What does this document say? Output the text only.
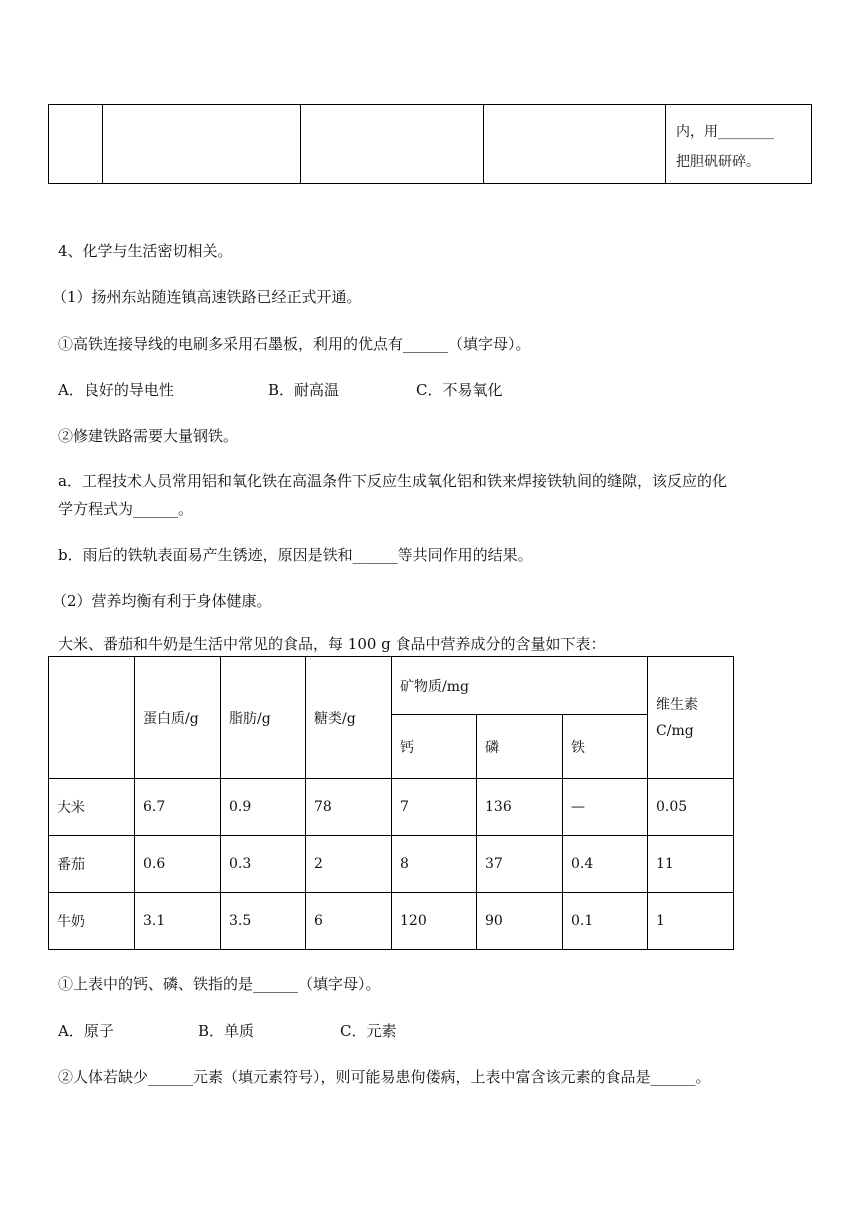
内，用________
把胆矾研碎。
4、化学与生活密切相关。
（1）扬州东站随连镇高速铁路已经正式开通。
①高铁连接导线的电刷多采用石墨板，利用的优点有______（填字母）。
A．良好的导电性	B．耐高温	C．不易氧化
②修建铁路需要大量钢铁。
a．工程技术人员常用铝和氧化铁在高温条件下反应生成氧化铝和铁来焊接铁轨间的缝隙，该反应的化
学方程式为______。
b．雨后的铁轨表面易产生锈迹，原因是铁和______等共同作用的结果。
（2）营养均衡有利于身体健康。
大米、番茄和牛奶是生活中常见的食品，每 100 g 食品中营养成分的含量如下表：
	蛋白质/g	脂肪/g	糖类/g	矿物质/mg			维生素
C/mg

				钙	磷	铁	
大米	6.7	0.9	78	7	136	—	0.05
番茄	0.6	0.3	2	8	37	0.4	11
牛奶	3.1	3.5	6	120	90	0.1	1
①上表中的钙、磷、铁指的是______（填字母）。
A．原子	B．单质	C．元素
②人体若缺少______元素（填元素符号），则可能易患佝偻病，上表中富含该元素的食品是______。
